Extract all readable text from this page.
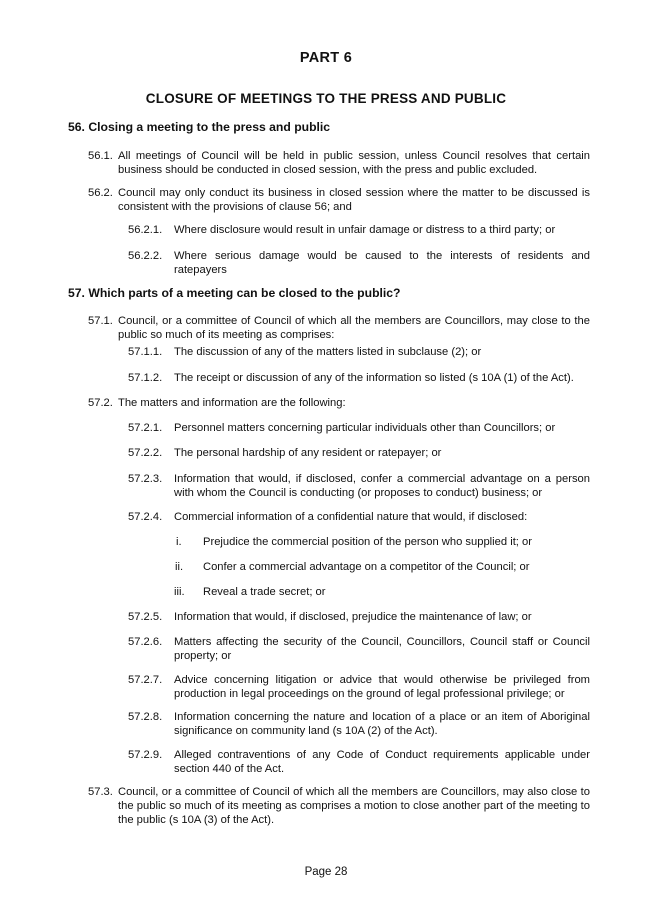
PART 6
CLOSURE OF MEETINGS TO THE PRESS AND PUBLIC
56. Closing a meeting to the press and public
56.1. All meetings of Council will be held in public session, unless Council resolves that certain business should be conducted in closed session, with the press and public excluded.
56.2. Council may only conduct its business in closed session where the matter to be discussed is consistent with the provisions of clause 56; and
56.2.1. Where disclosure would result in unfair damage or distress to a third party; or
56.2.2. Where serious damage would be caused to the interests of residents and ratepayers
57. Which parts of a meeting can be closed to the public?
57.1. Council, or a committee of Council of which all the members are Councillors, may close to the public so much of its meeting as comprises:
57.1.1. The discussion of any of the matters listed in subclause (2); or
57.1.2. The receipt or discussion of any of the information so listed (s 10A (1) of the Act).
57.2. The matters and information are the following:
57.2.1. Personnel matters concerning particular individuals other than Councillors; or
57.2.2. The personal hardship of any resident or ratepayer; or
57.2.3. Information that would, if disclosed, confer a commercial advantage on a person with whom the Council is conducting (or proposes to conduct) business; or
57.2.4. Commercial information of a confidential nature that would, if disclosed:
i. Prejudice the commercial position of the person who supplied it; or
ii. Confer a commercial advantage on a competitor of the Council; or
iii. Reveal a trade secret; or
57.2.5. Information that would, if disclosed, prejudice the maintenance of law; or
57.2.6. Matters affecting the security of the Council, Councillors, Council staff or Council property; or
57.2.7. Advice concerning litigation or advice that would otherwise be privileged from production in legal proceedings on the ground of legal professional privilege; or
57.2.8. Information concerning the nature and location of a place or an item of Aboriginal significance on community land (s 10A (2) of the Act).
57.2.9. Alleged contraventions of any Code of Conduct requirements applicable under section 440 of the Act.
57.3. Council, or a committee of Council of which all the members are Councillors, may also close to the public so much of its meeting as comprises a motion to close another part of the meeting to the public (s 10A (3) of the Act).
Page 28
